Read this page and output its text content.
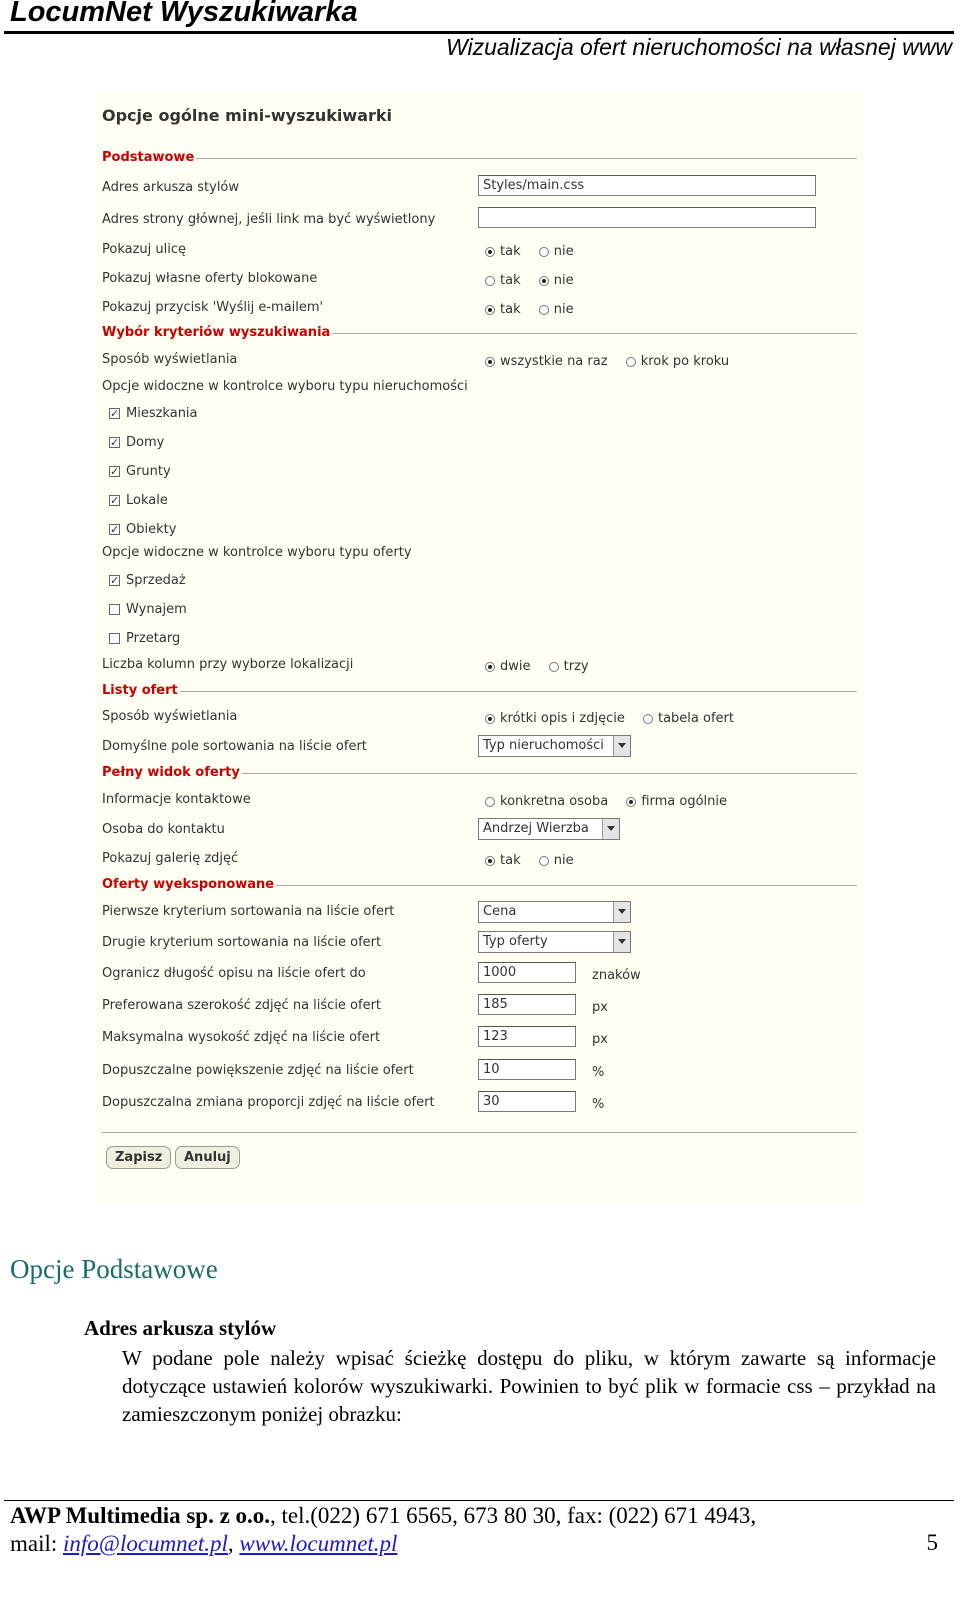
LocumNet Wyszukiwarka
Wizualizacja ofert nieruchomości na własnej www
Opcje ogólne mini-wyszukiwarki
Podstawowe
Adres arkusza stylów	Styles/main.css
Adres strony głównej, jeśli link ma być wyświetlony
Pokazuj ulicę	tak
	nie
Pokazuj własne oferty blokowane	tak
	nie
Pokazuj przycisk 'Wyślij e-mailem'	tak
	nie
Wybór kryteriów wyszukiwania
Sposób wyświetlania	wszystkie na raz
	krok po kroku
Opcje widoczne w kontrolce wyboru typu nieruchomości
✓ Mieszkania
✓ Domy
✓ Grunty
✓ Lokale
✓ Obiekty
Opcje widoczne w kontrolce wyboru typu oferty
✓ Sprzedaż
Wynajem
Przetarg
Liczba kolumn przy wyborze lokalizacji	dwie
	trzy
Listy ofert
Sposób wyświetlania	krótki opis i zdjęcie
	tabela ofert
Domyślne pole sortowania na liście ofert	Typ nieruchomości
Pełny widok oferty
Informacje kontaktowe	konkretna osoba
	firma ogólnie
Osoba do kontaktu	Andrzej Wierzba
Pokazuj galerię zdjęć	tak
	nie
Oferty wyeksponowane
Pierwsze kryterium sortowania na liście ofert	Cena
Drugie kryterium sortowania na liście ofert	Typ oferty
Ogranicz długość opisu na liście ofert do	1000	znaków
Preferowana szerokość zdjęć na liście ofert	185	px
Maksymalna wysokość zdjęć na liście ofert	123	px
Dopuszczalne powiększenie zdjęć na liście ofert	10	%
Dopuszczalna zmiana proporcji zdjęć na liście ofert	30	%
Zapisz	Anuluj
Opcje Podstawowe
Adres arkusza stylów
W podane pole należy wpisać ścieżkę dostępu do pliku, w którym zawarte są informacje dotyczące ustawień kolorów wyszukiwarki. Powinien to być plik w formacie css – przykład na zamieszczonym poniżej obrazku:
AWP Multimedia sp. z o.o., tel.(022) 671 6565, 673 80 30, fax: (022) 671 4943,
mail: info@locumnet.pl, www.locumnet.pl	5
